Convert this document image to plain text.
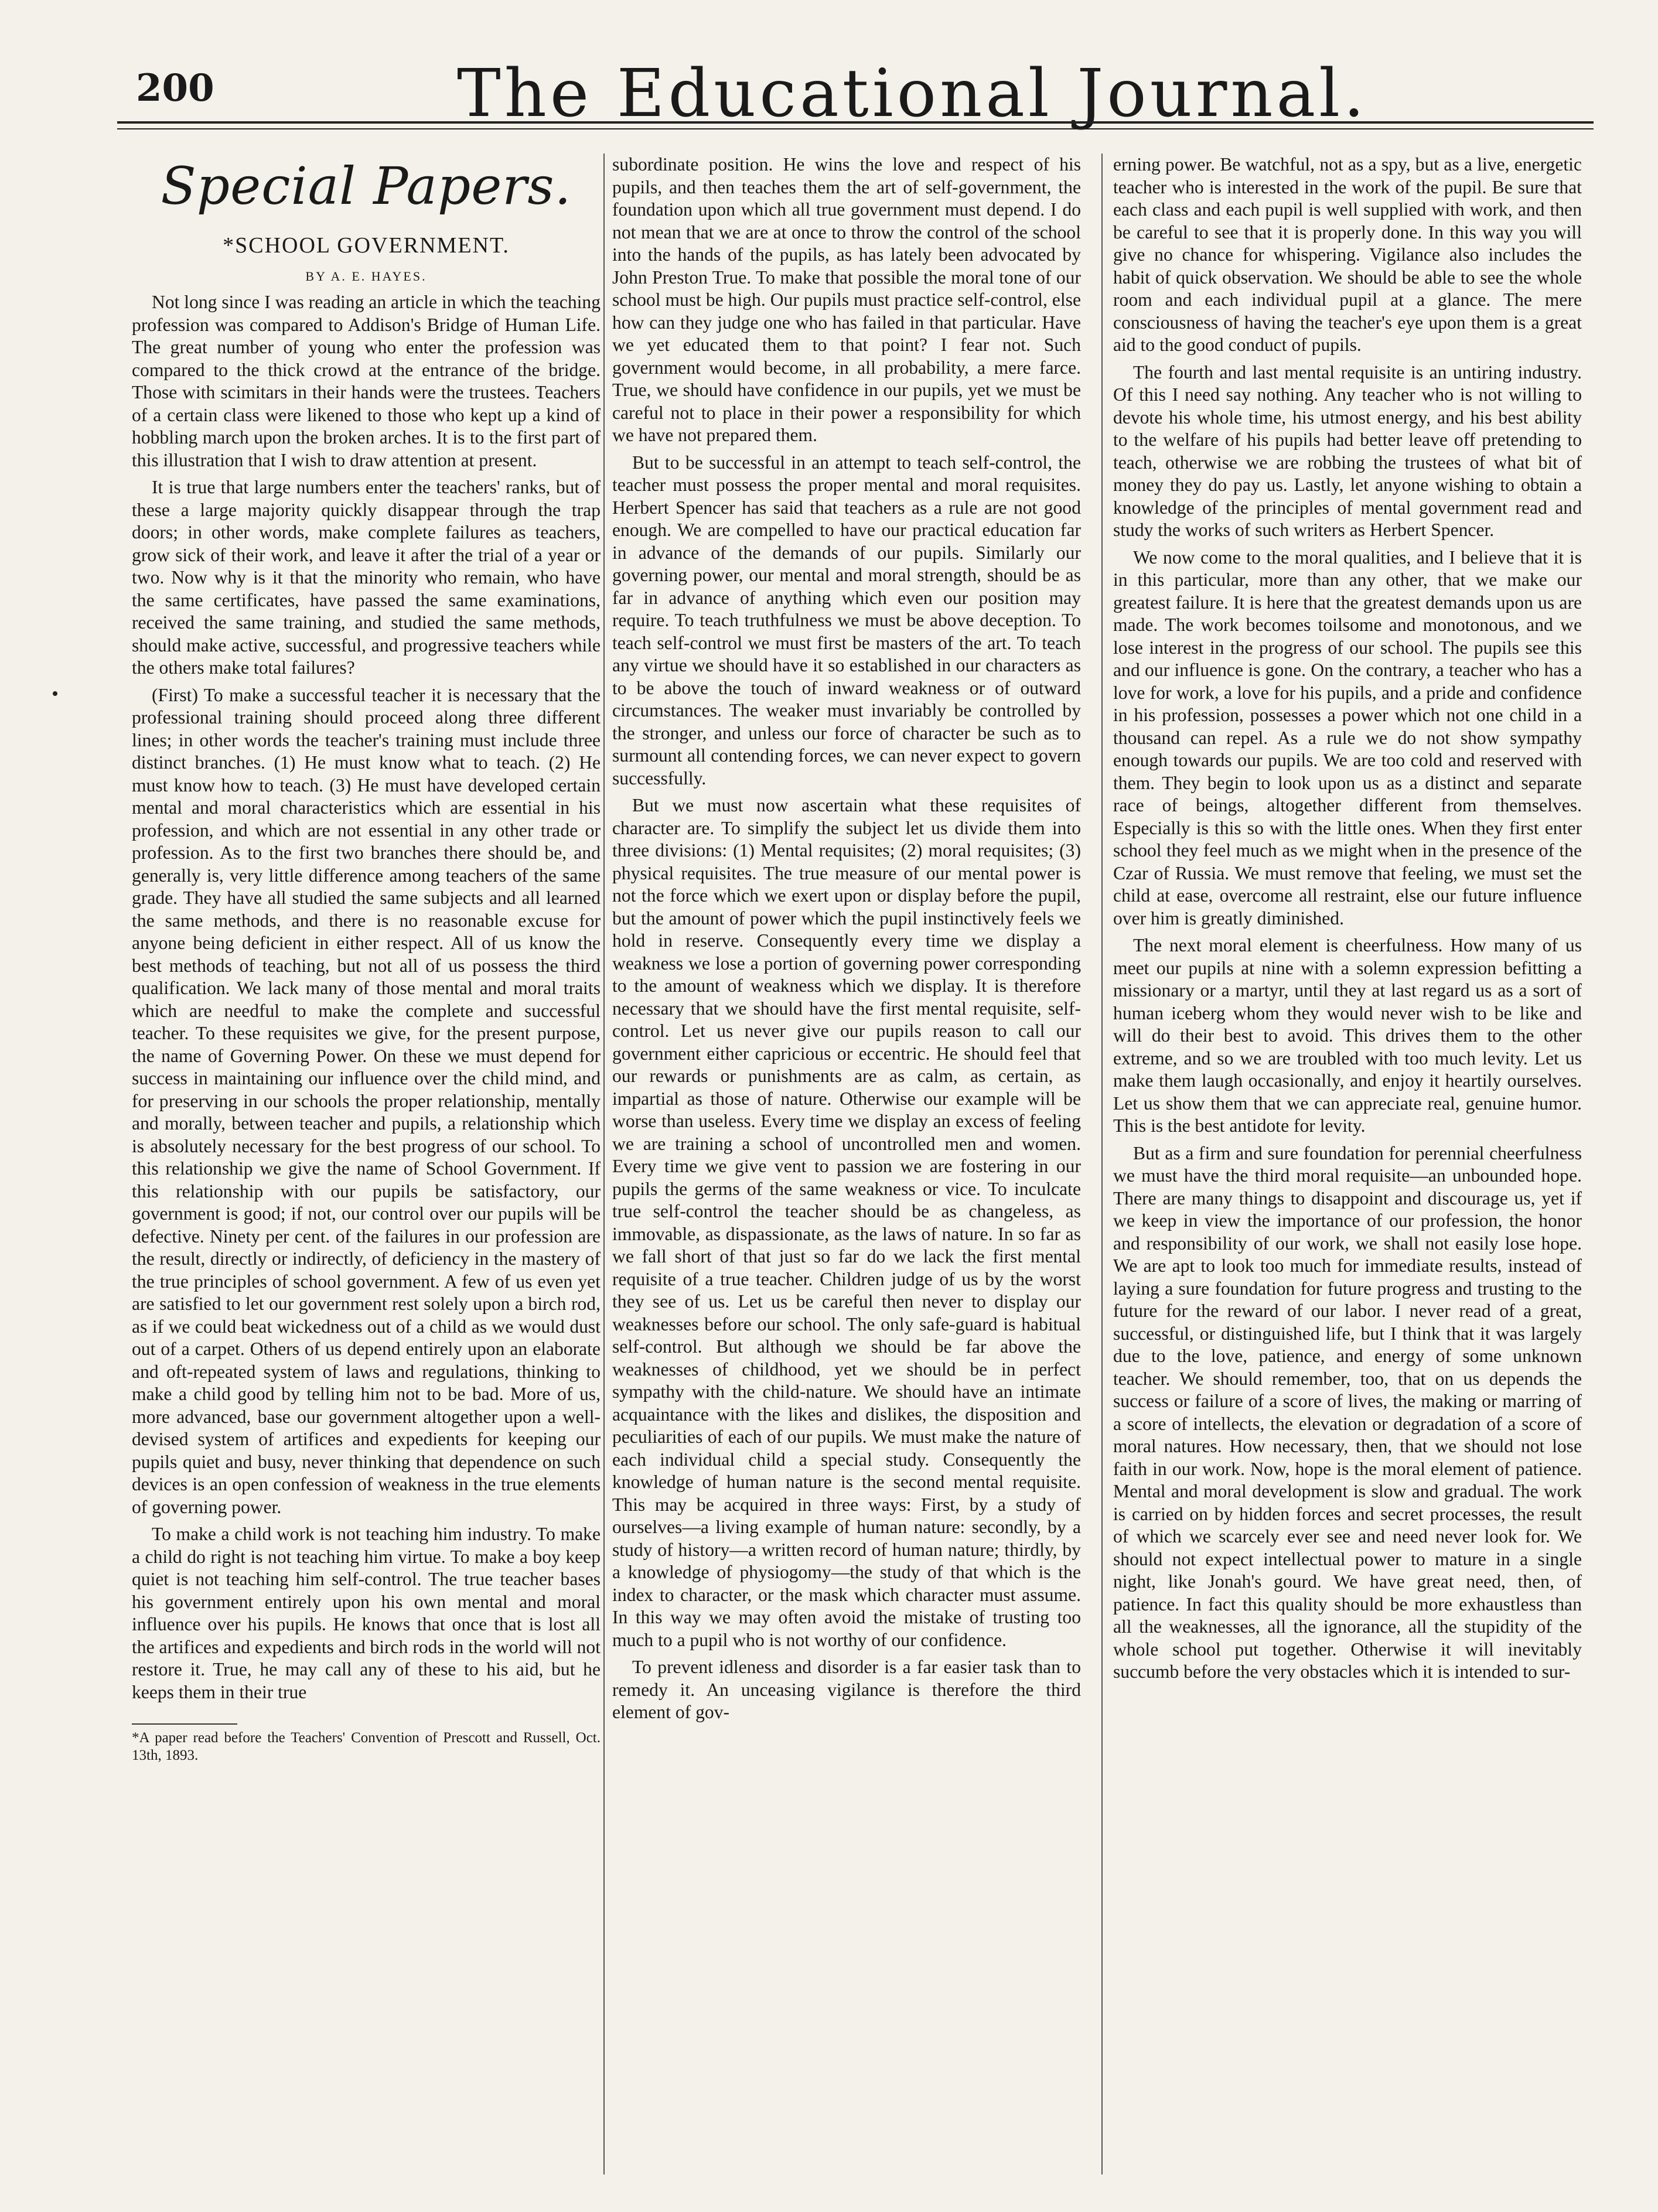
200	The Educational Journal.
Special Papers.
*SCHOOL GOVERNMENT.
BY A. E. HAYES.

Not long since I was reading an article in which the teaching profession was compared to Addison's Bridge of Human Life. The great number of young who enter the profession was compared to the thick crowd at the entrance of the bridge. Those with scimitars in their hands were the trustees. Teachers of a certain class were likened to those who kept up a kind of hobbling march upon the broken arches. It is to the first part of this illustration that I wish to draw attention at present.

It is true that large numbers enter the teachers' ranks, but of these a large majority quickly disappear through the trap doors; in other words, make complete failures as teachers, grow sick of their work, and leave it after the trial of a year or two. Now why is it that the minority who remain, who have the same certificates, have passed the same examinations, received the same training, and studied the same methods, should make active, successful, and progressive teachers while the others make total failures?

(First) To make a successful teacher it is necessary that the professional training should proceed along three different lines; in other words the teacher's training must include three distinct branches. (1) He must know what to teach. (2) He must know how to teach. (3) He must have developed certain mental and moral characteristics which are essential in his profession, and which are not essential in any other trade or profession. As to the first two branches there should be, and generally is, very little difference among teachers of the same grade. They have all studied the same subjects and all learned the same methods, and there is no reasonable excuse for anyone being deficient in either respect. All of us know the best methods of teaching, but not all of us possess the third qualification. We lack many of those mental and moral traits which are needful to make the complete and successful teacher. To these requisites we give, for the present purpose, the name of Governing Power. On these we must depend for success in maintaining our influence over the child mind, and for preserving in our schools the proper relationship, mentally and morally, between teacher and pupils, a relationship which is absolutely necessary for the best progress of our school. To this relationship we give the name of School Government. If this relationship with our pupils be satisfactory, our government is good; if not, our control over our pupils will be defective. Ninety per cent. of the failures in our profession are the result, directly or indirectly, of deficiency in the mastery of the true principles of school government. A few of us even yet are satisfied to let our government rest solely upon a birch rod, as if we could beat wickedness out of a child as we would dust out of a carpet. Others of us depend entirely upon an elaborate and oft-repeated system of laws and regulations, thinking to make a child good by telling him not to be bad. More of us, more advanced, base our government altogether upon a well-devised system of artifices and expedients for keeping our pupils quiet and busy, never thinking that dependence on such devices is an open confession of weakness in the true elements of governing power.

To make a child work is not teaching him industry. To make a child do right is not teaching him virtue. To make a boy keep quiet is not teaching him self-control. The true teacher bases his government entirely upon his own mental and moral influence over his pupils. He knows that once that is lost all the artifices and expedients and birch rods in the world will not restore it. True, he may call any of these to his aid, but he keeps them in their true

*A paper read before the Teachers' Convention of Prescott and Russell, Oct. 13th, 1893.

subordinate position. He wins the love and respect of his pupils, and then teaches them the art of self-government, the foundation upon which all true government must depend. I do not mean that we are at once to throw the control of the school into the hands of the pupils, as has lately been advocated by John Preston True. To make that possible the moral tone of our school must be high. Our pupils must practice self-control, else how can they judge one who has failed in that particular. Have we yet educated them to that point? I fear not. Such government would become, in all probability, a mere farce. True, we should have confidence in our pupils, yet we must be careful not to place in their power a responsibility for which we have not prepared them.

But to be successful in an attempt to teach self-control, the teacher must possess the proper mental and moral requisites. Herbert Spencer has said that teachers as a rule are not good enough. We are compelled to have our practical education far in advance of the demands of our pupils. Similarly our governing power, our mental and moral strength, should be as far in advance of anything which even our position may require. To teach truthfulness we must be above deception. To teach self-control we must first be masters of the art. To teach any virtue we should have it so established in our characters as to be above the touch of inward weakness or of outward circumstances. The weaker must invariably be controlled by the stronger, and unless our force of character be such as to surmount all contending forces, we can never expect to govern successfully.

But we must now ascertain what these requisites of character are. To simplify the subject let us divide them into three divisions: (1) Mental requisites; (2) moral requisites; (3) physical requisites. The true measure of our mental power is not the force which we exert upon or display before the pupil, but the amount of power which the pupil instinctively feels we hold in reserve. Consequently every time we display a weakness we lose a portion of governing power corresponding to the amount of weakness which we display. It is therefore necessary that we should have the first mental requisite, self-control. Let us never give our pupils reason to call our government either capricious or eccentric. He should feel that our rewards or punishments are as calm, as certain, as impartial as those of nature. Otherwise our example will be worse than useless. Every time we display an excess of feeling we are training a school of uncontrolled men and women. Every time we give vent to passion we are fostering in our pupils the germs of the same weakness or vice. To inculcate true self-control the teacher should be as changeless, as immovable, as dispassionate, as the laws of nature. In so far as we fall short of that just so far do we lack the first mental requisite of a true teacher. Children judge of us by the worst they see of us. Let us be careful then never to display our weaknesses before our school. The only safe-guard is habitual self-control. But although we should be far above the weaknesses of childhood, yet we should be in perfect sympathy with the child-nature. We should have an intimate acquaintance with the likes and dislikes, the disposition and peculiarities of each of our pupils. We must make the nature of each individual child a special study. Consequently the knowledge of human nature is the second mental requisite. This may be acquired in three ways: First, by a study of ourselves—a living example of human nature: secondly, by a study of history—a written record of human nature; thirdly, by a knowledge of physiogomy—the study of that which is the index to character, or the mask which character must assume. In this way we may often avoid the mistake of trusting too much to a pupil who is not worthy of our confidence.

To prevent idleness and disorder is a far easier task than to remedy it. An unceasing vigilance is therefore the third element of gov-

erning power. Be watchful, not as a spy, but as a live, energetic teacher who is interested in the work of the pupil. Be sure that each class and each pupil is well supplied with work, and then be careful to see that it is properly done. In this way you will give no chance for whispering. Vigilance also includes the habit of quick observation. We should be able to see the whole room and each individual pupil at a glance. The mere consciousness of having the teacher's eye upon them is a great aid to the good conduct of pupils.

The fourth and last mental requisite is an untiring industry. Of this I need say nothing. Any teacher who is not willing to devote his whole time, his utmost energy, and his best ability to the welfare of his pupils had better leave off pretending to teach, otherwise we are robbing the trustees of what bit of money they do pay us. Lastly, let anyone wishing to obtain a knowledge of the principles of mental government read and study the works of such writers as Herbert Spencer.

We now come to the moral qualities, and I believe that it is in this particular, more than any other, that we make our greatest failure. It is here that the greatest demands upon us are made. The work becomes toilsome and monotonous, and we lose interest in the progress of our school. The pupils see this and our influence is gone. On the contrary, a teacher who has a love for work, a love for his pupils, and a pride and confidence in his profession, possesses a power which not one child in a thousand can repel. As a rule we do not show sympathy enough towards our pupils. We are too cold and reserved with them. They begin to look upon us as a distinct and separate race of beings, altogether different from themselves. Especially is this so with the little ones. When they first enter school they feel much as we might when in the presence of the Czar of Russia. We must remove that feeling, we must set the child at ease, overcome all restraint, else our future influence over him is greatly diminished.

The next moral element is cheerfulness. How many of us meet our pupils at nine with a solemn expression befitting a missionary or a martyr, until they at last regard us as a sort of human iceberg whom they would never wish to be like and will do their best to avoid. This drives them to the other extreme, and so we are troubled with too much levity. Let us make them laugh occasionally, and enjoy it heartily ourselves. Let us show them that we can appreciate real, genuine humor. This is the best antidote for levity.

But as a firm and sure foundation for perennial cheerfulness we must have the third moral requisite—an unbounded hope. There are many things to disappoint and discourage us, yet if we keep in view the importance of our profession, the honor and responsibility of our work, we shall not easily lose hope. We are apt to look too much for immediate results, instead of laying a sure foundation for future progress and trusting to the future for the reward of our labor. I never read of a great, successful, or distinguished life, but I think that it was largely due to the love, patience, and energy of some unknown teacher. We should remember, too, that on us depends the success or failure of a score of lives, the making or marring of a score of intellects, the elevation or degradation of a score of moral natures. How necessary, then, that we should not lose faith in our work. Now, hope is the moral element of patience. Mental and moral development is slow and gradual. The work is carried on by hidden forces and secret processes, the result of which we scarcely ever see and need never look for. We should not expect intellectual power to mature in a single night, like Jonah's gourd. We have great need, then, of patience. In fact this quality should be more exhaustless than all the weaknesses, all the ignorance, all the stupidity of the whole school put together. Otherwise it will inevitably succumb before the very obstacles which it is intended to sur-
